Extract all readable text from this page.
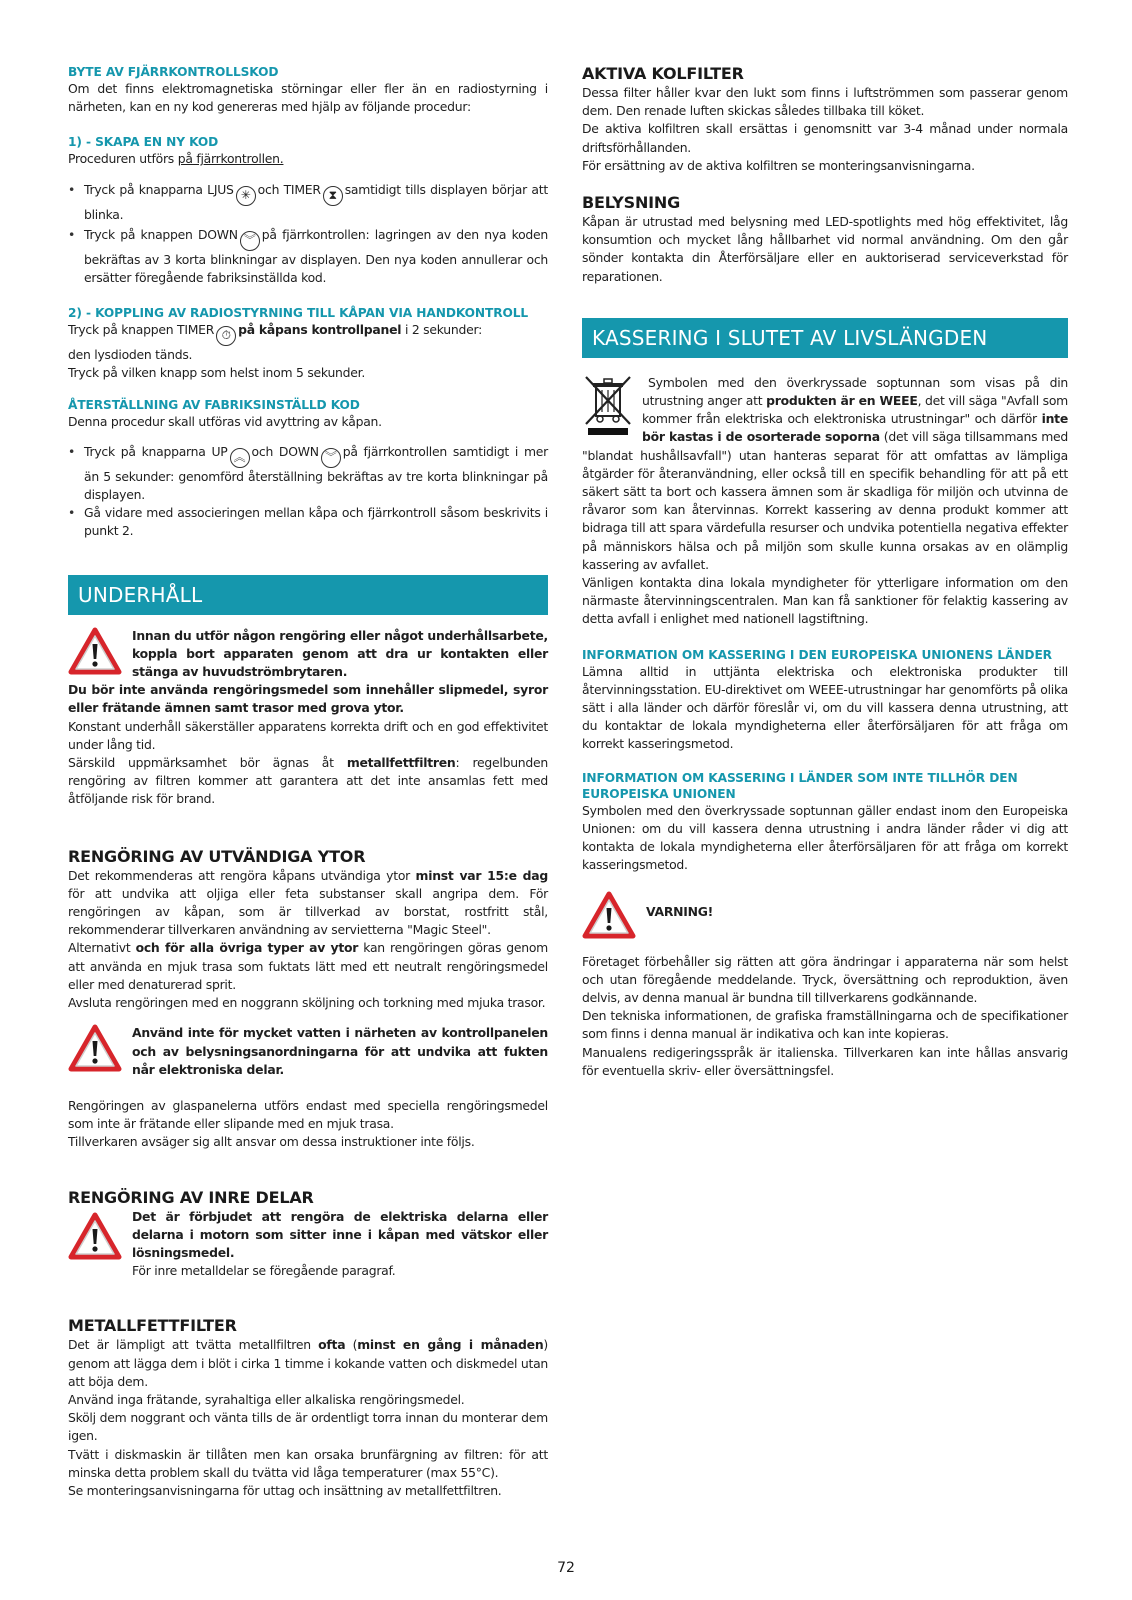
BYTE AV FJÄRRKONTROLLSKOD

Om det finns elektromagnetiska störningar eller fler än en radiostyrning i närheten, kan en ny kod genereras med hjälp av följande procedur:

1) - SKAPA EN NY KOD

Proceduren utförs på fjärrkontrollen.

• Tryck på knapparna LJUS ✳ och TIMER ⧗ samtidigt tills displayen börjar att blinka.
• Tryck på knappen DOWN ︾ på fjärrkontrollen: lagringen av den nya koden bekräftas av 3 korta blinkningar av displayen. Den nya koden annullerar och ersätter föregående fabriksinställda kod.
2) - KOPPLING AV RADIOSTYRNING TILL KÅPAN VIA HANDKONTROLL

Tryck på knappen TIMER ⏱ på kåpans kontrollpanel i 2 sekunder:

den lysdioden tänds.

Tryck på vilken knapp som helst inom 5 sekunder.

ÅTERSTÄLLNING AV FABRIKSINSTÄLLD KOD

Denna procedur skall utföras vid avyttring av kåpan.

• Tryck på knapparna UP ︽ och DOWN ︾ på fjärrkontrollen samtidigt i mer än 5 sekunder: genomförd återställning bekräftas av tre korta blinkningar på displayen.
• Gå vidare med associeringen mellan kåpa och fjärrkontroll såsom beskrivits i punkt 2.
UNDERHÅLL

Innan du utför någon rengöring eller något underhållsarbete, koppla bort apparaten genom att dra ur kontakten eller stänga av huvudströmbrytaren.

Du bör inte använda rengöringsmedel som innehåller slipmedel, syror eller frätande ämnen samt trasor med grova ytor.

Konstant underhåll säkerställer apparatens korrekta drift och en god effektivitet under lång tid.

Särskild uppmärksamhet bör ägnas åt metallfettfiltren: regelbunden rengöring av filtren kommer att garantera att det inte ansamlas fett med åtföljande risk för brand.

RENGÖRING AV UTVÄNDIGA YTOR

Det rekommenderas att rengöra kåpans utvändiga ytor minst var 15:e dag för att undvika att oljiga eller feta substanser skall angripa dem. För rengöringen av kåpan, som är tillverkad av borstat, rostfritt stål, rekommenderar tillverkaren användning av servietterna "Magic Steel".

Alternativt och för alla övriga typer av ytor kan rengöringen göras genom att använda en mjuk trasa som fuktats lätt med ett neutralt rengöringsmedel eller med denaturerad sprit.

Avsluta rengöringen med en noggrann sköljning och torkning med mjuka trasor.

Använd inte för mycket vatten i närheten av kontrollpanelen och av belysningsanordningarna för att undvika att fukten når elektroniska delar.

Rengöringen av glaspanelerna utförs endast med speciella rengöringsmedel som inte är frätande eller slipande med en mjuk trasa.

Tillverkaren avsäger sig allt ansvar om dessa instruktioner inte följs.

RENGÖRING AV INRE DELAR

Det är förbjudet att rengöra de elektriska delarna eller delarna i motorn som sitter inne i kåpan med vätskor eller lösningsmedel.

För inre metalldelar se föregående paragraf.

METALLFETTFILTER

Det är lämpligt att tvätta metallfiltren ofta (minst en gång i månaden) genom att lägga dem i blöt i cirka 1 timme i kokande vatten och diskmedel utan att böja dem.

Använd inga frätande, syrahaltiga eller alkaliska rengöringsmedel.

Skölj dem noggrant och vänta tills de är ordentligt torra innan du monterar dem igen.

Tvätt i diskmaskin är tillåten men kan orsaka brunfärgning av filtren: för att minska detta problem skall du tvätta vid låga temperaturer (max 55°C).

Se monteringsanvisningarna för uttag och insättning av metallfettfiltren.

AKTIVA KOLFILTER

Dessa filter håller kvar den lukt som finns i luftströmmen som passerar genom dem. Den renade luften skickas således tillbaka till köket.

De aktiva kolfiltren skall ersättas i genomsnitt var 3-4 månad under normala driftsförhållanden.

För ersättning av de aktiva kolfiltren se monteringsanvisningarna.

BELYSNING

Kåpan är utrustad med belysning med LED-spotlights med hög effektivitet, låg konsumtion och mycket lång hållbarhet vid normal användning. Om den går sönder kontakta din Återförsäljare eller en auktoriserad serviceverkstad för reparationen.

KASSERING I SLUTET AV LIVSLÄNGDEN

Symbolen med den överkryssade soptunnan som visas på din utrustning anger att produkten är en WEEE, det vill säga "Avfall som kommer från elektriska och elektroniska utrustningar" och därför inte bör kastas i de osorterade soporna (det vill säga tillsammans med "blandat hushållsavfall") utan hanteras separat för att omfattas av lämpliga åtgärder för återanvändning, eller också till en specifik behandling för att på ett säkert sätt ta bort och kassera ämnen som är skadliga för miljön och utvinna de råvaror som kan återvinnas. Korrekt kassering av denna produkt kommer att bidraga till att spara värdefulla resurser och undvika potentiella negativa effekter på människors hälsa och på miljön som skulle kunna orsakas av en olämplig kassering av avfallet.

Vänligen kontakta dina lokala myndigheter för ytterligare information om den närmaste återvinningscentralen. Man kan få sanktioner för felaktig kassering av detta avfall i enlighet med nationell lagstiftning.

INFORMATION OM KASSERING I DEN EUROPEISKA UNIONENS LÄNDER

Lämna alltid in uttjänta elektriska och elektroniska produkter till återvinningsstation. EU-direktivet om WEEE-utrustningar har genomförts på olika sätt i alla länder och därför föreslår vi, om du vill kassera denna utrustning, att du kontaktar de lokala myndigheterna eller återförsäljaren för att fråga om korrekt kasseringsmetod.

INFORMATION OM KASSERING I LÄNDER SOM INTE TILLHÖR DEN EUROPEISKA UNIONEN

Symbolen med den överkryssade soptunnan gäller endast inom den Europeiska Unionen: om du vill kassera denna utrustning i andra länder råder vi dig att kontakta de lokala myndigheterna eller återförsäljaren för att fråga om korrekt kasseringsmetod.

VARNING!

Företaget förbehåller sig rätten att göra ändringar i apparaterna när som helst och utan föregående meddelande. Tryck, översättning och reproduktion, även delvis, av denna manual är bundna till tillverkarens godkännande.

Den tekniska informationen, de grafiska framställningarna och de specifikationer som finns i denna manual är indikativa och kan inte kopieras.

Manualens redigeringsspråk är italienska. Tillverkaren kan inte hållas ansvarig för eventuella skriv- eller översättningsfel.

72
